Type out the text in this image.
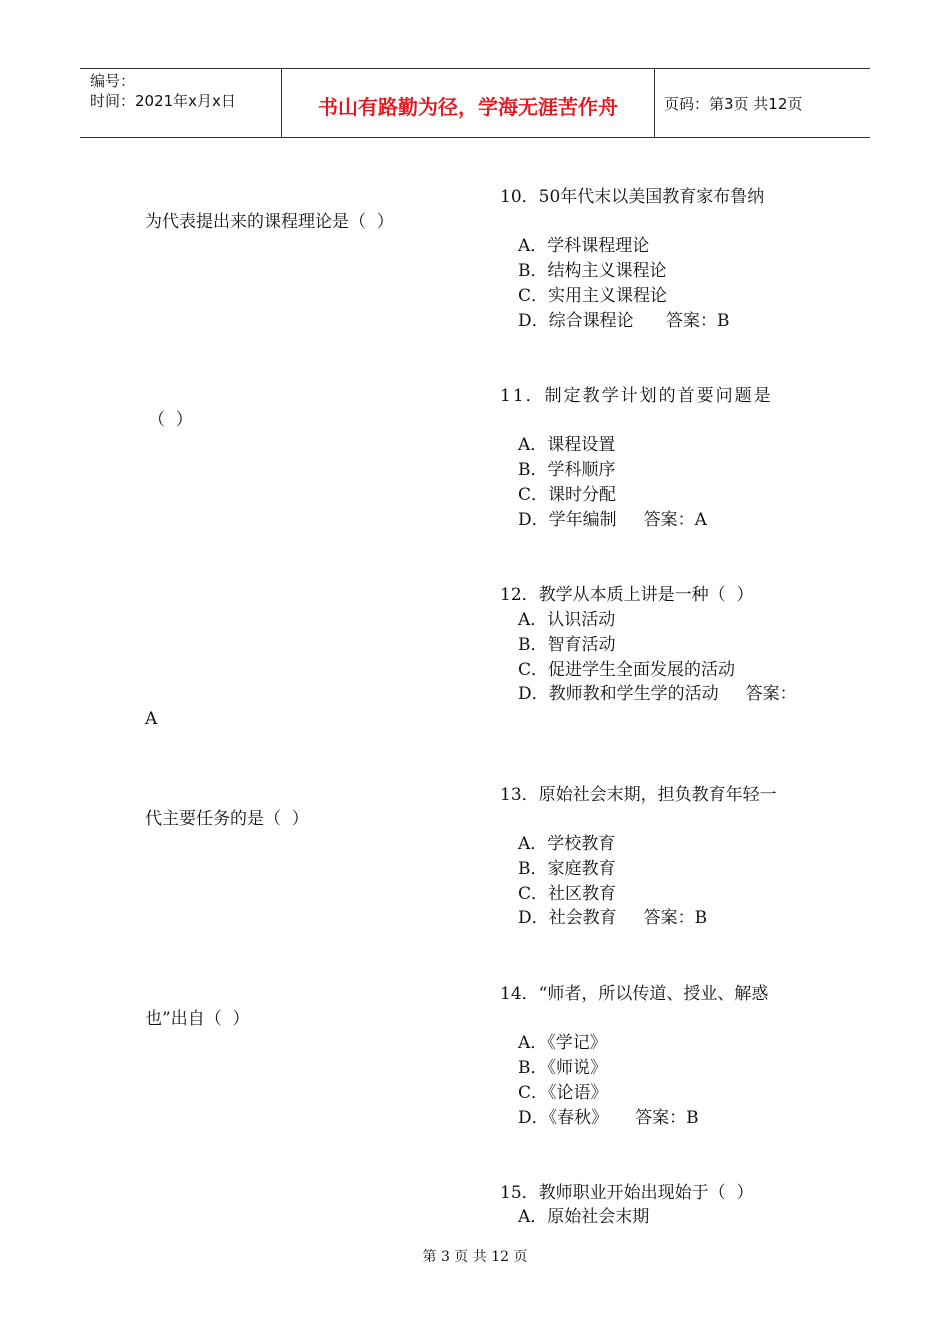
编号：
时间：2021年x月x日	书山有路勤为径，学海无涯苦作舟	页码：第3页 共12页
10．50年代末以美国教育家布鲁纳
为代表提出来的课程理论是（  ）
A．学科课程理论
B．结构主义课程论
C．实用主义课程论
D．综合课程论      答案：B
11．制定教学计划的首要问题是
（  ）
A．课程设置
B．学科顺序
C．课时分配
D．学年编制     答案：A
12．教学从本质上讲是一种（  ）
A．认识活动
B．智育活动
C．促进学生全面发展的活动
D．教师教和学生学的活动     答案：
A
13．原始社会末期，担负教育年轻一
代主要任务的是（  ）
A．学校教育
B．家庭教育
C．社区教育
D．社会教育     答案：B
14．“师者，所以传道、授业、解惑
也”出自（  ）
A．《学记》
B．《师说》
C．《论语》
D．《春秋》     答案：B
15．教师职业开始出现始于（  ）
A．原始社会末期
第 3 页 共 12 页
